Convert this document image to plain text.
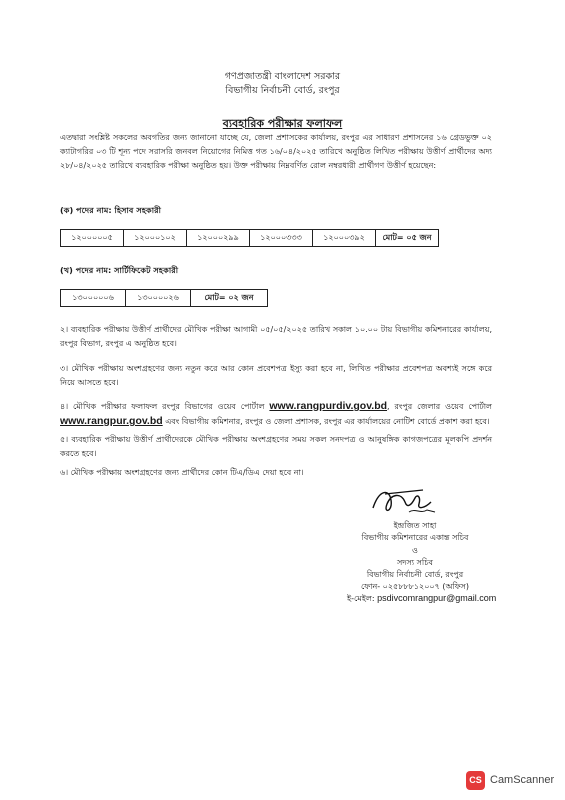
গণপ্রজাতন্ত্রী বাংলাদেশ সরকার
বিভাগীয় নির্বাচনী বোর্ড, রংপুর
ব্যবহারিক পরীক্ষার ফলাফল
এতদ্বারা সংশ্লিষ্ট সকলের অবগতির জন্য জানানো যাচ্ছে যে, জেলা প্রশাসকের কার্যালয়, রংপুর এর সাধারণ প্রশাসনের ১৬ গ্রেডভুক্ত ০২ ক্যাটাগরির ০৩ টি শূন্য পদে সরাসরি জনবল নিয়োগের নিমিত্ত গত ১৬/০৪/২০২৫ তারিখে অনুষ্ঠিত লিখিত পরীক্ষায় উত্তীর্ণ প্রার্থীদের অদ্য ২৮/০৪/২০২৫ তারিখে ব্যবহারিক পরীক্ষা অনুষ্ঠিত হয়। উক্ত পরীক্ষায় নিম্নবর্ণিত রোল নম্বরধারী প্রার্থীগণ উত্তীর্ণ হয়েছেন:
(ক) পদের নাম: হিসাব সহকারী
১২০০০০০৫	১২০০০১০২	১২০০০২৯৯	১২০০০৩৩৩	১২০০০৩৯২	মোট= ০৫ জন
(খ) পদের নাম: সার্টিফিকেট সহকারী
১৩০০০০০৬	১৩০০০০২৬	মোট= ০২ জন
২। ব্যবহারিক পরীক্ষায় উত্তীর্ণ প্রার্থীদের মৌখিক পরীক্ষা আগামী ০৫/০৫/২০২৫ তারিখ সকাল ১০.০০ টায় বিভাগীয় কমিশনারের কার্যালয়, রংপুর বিভাগ, রংপুর এ অনুষ্ঠিত হবে।
৩। মৌখিক পরীক্ষায় অংশগ্রহণের জন্য নতুন করে আর কোন প্রবেশপত্র ইস্যু করা হবে না, লিখিত পরীক্ষার প্রবেশপত্র অবশ্যই সঙ্গে করে নিয়ে আসতে হবে।
৪। মৌখিক পরীক্ষার ফলাফল রংপুর বিভাগের ওয়েব পোর্টাল www.rangpurdiv.gov.bd, রংপুর জেলার ওয়েব পোর্টাল www.rangpur.gov.bd এবং বিভাগীয় কমিশনার, রংপুর ও জেলা প্রশাসক, রংপুর এর কার্যালয়ের নোটিশ বোর্ডে প্রকাশ করা হবে।
৫। ব্যবহারিক পরীক্ষায় উত্তীর্ণ প্রার্থীদেরকে মৌখিক পরীক্ষায় অংশগ্রহণের সময় সকল সনদপত্র ও আনুষঙ্গিক কাগজপত্রের মূলকপি প্রদর্শন করতে হবে।
৬। মৌখিক পরীক্ষায় অংশগ্রহণের জন্য প্রার্থীদের কোন টিএ/ডিএ দেয়া হবে না।
ইন্দ্রজিত সাহা
বিভাগীয় কমিশনারের একান্ত সচিব
ও
সদস্য সচিব
বিভাগীয় নির্বাচনী বোর্ড, রংপুর
ফোন- ০২৫৮৮৮১২০০৭ (অফিস)
ই-মেইল: psdivcomrangpur@gmail.com
CS CamScanner
